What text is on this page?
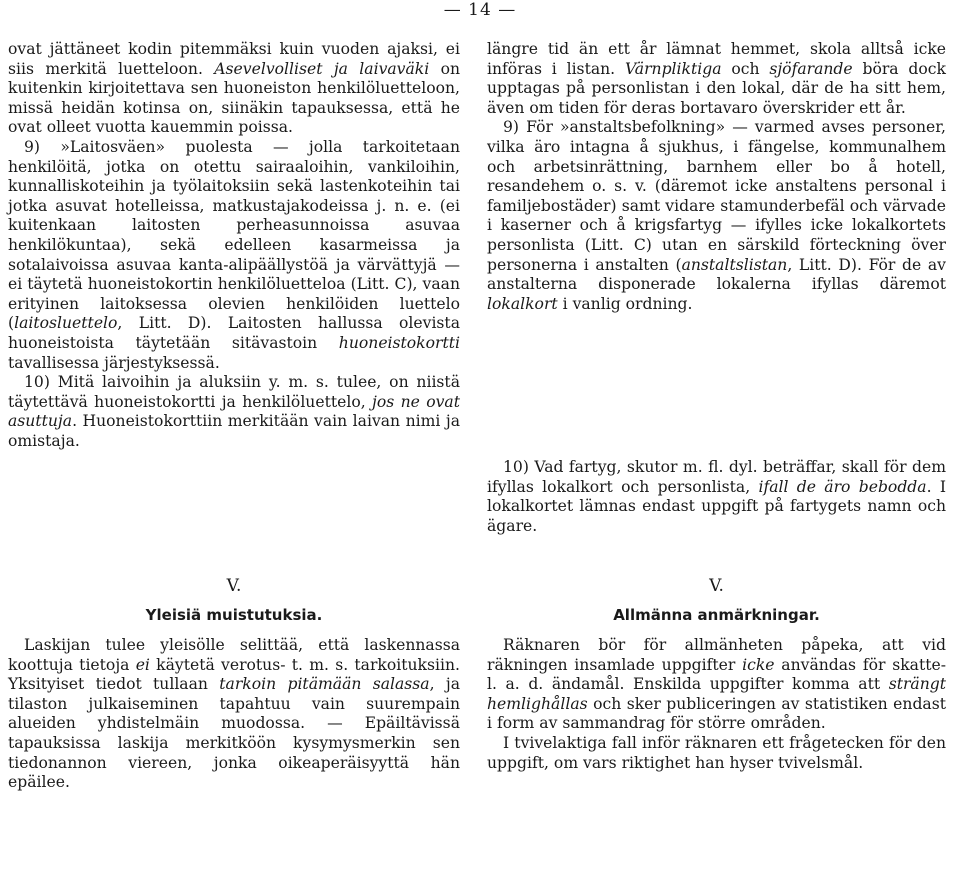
— 14 —

ovat jättäneet kodin pitemmäksi kuin vuoden ajaksi, ei siis merkitä luetteloon. Asevelvolliset ja laivaväki on kuitenkin kirjoitettava sen huoneiston henkilöluetteloon, missä heidän kotinsa on, siinäkin tapauksessa, että he ovat olleet vuotta kauemmin poissa.

9) »Laitosväen» puolesta — jolla tarkoitetaan henkilöitä, jotka on otettu sairaaloihin, vankiloihin, kunnalliskoteihin ja työlaitoksiin sekä lastenkoteihin tai jotka asuvat hotelleissa, matkustajakodeissa j. n. e. (ei kuitenkaan laitosten perheasunnoissa asuvaa henkilökuntaa), sekä edelleen kasarmeissa ja sotalaivoissa asuvaa kanta-alipäällystöä ja värvättyjä — ei täytetä huoneistokortin henkilöluetteloa (Litt. C), vaan erityinen laitoksessa olevien henkilöiden luettelo (laitosluettelo, Litt. D). Laitosten hallussa olevista huoneistoista täytetään sitävastoin huoneistokortti tavallisessa järjestyksessä.

10) Mitä laivoihin ja aluksiin y. m. s. tulee, on niistä täytettävä huoneistokortti ja henkilöluettelo, jos ne ovat asuttuja. Huoneistokorttiin merkitään vain laivan nimi ja omistaja.

längre tid än ett år lämnat hemmet, skola alltså icke införas i listan. Värnpliktiga och sjöfarande böra dock upptagas på personlistan i den lokal, där de ha sitt hem, även om tiden för deras bortavaro överskrider ett år.

9) För »anstaltsbefolkning» — varmed avses personer, vilka äro intagna å sjukhus, i fängelse, kommunalhem och arbetsinrättning, barnhem eller bo å hotell, resandehem o. s. v. (däremot icke anstaltens personal i familjebostäder) samt vidare stamunderbefäl och värvade i kaserner och å krigsfartyg — ifylles icke lokalkortets personlista (Litt. C) utan en särskild förteckning över personerna i anstalten (anstaltslistan, Litt. D). För de av anstalterna disponerade lokalerna ifyllas däremot lokalkort i vanlig ordning.

10) Vad fartyg, skutor m. fl. dyl. beträffar, skall för dem ifyllas lokalkort och personlista, ifall de äro bebodda. I lokalkortet lämnas endast uppgift på fartygets namn och ägare.

V.
Yleisiä muistutuksia.
V.
Allmänna anmärkningar.

Laskijan tulee yleisölle selittää, että laskennassa koottuja tietoja ei käytetä verotus- t. m. s. tarkoituksiin. Yksityiset tiedot tullaan tarkoin pitämään salassa, ja tilaston julkaiseminen tapahtuu vain suurempain alueiden yhdistelmäin muodossa. — Epäiltävissä tapauksissa laskija merkitköön kysymysmerkin sen tiedonannon viereen, jonka oikeaperäisyyttä hän epäilee.

Räknaren bör för allmänheten påpeka, att vid räkningen insamlade uppgifter icke användas för skatte- l. a. d. ändamål. Enskilda uppgifter komma att strängt hemlighållas och sker publiceringen av statistiken endast i form av sammandrag för större områden.

I tvivelaktiga fall inför räknaren ett frågetecken för den uppgift, om vars riktighet han hyser tvivelsmål.
